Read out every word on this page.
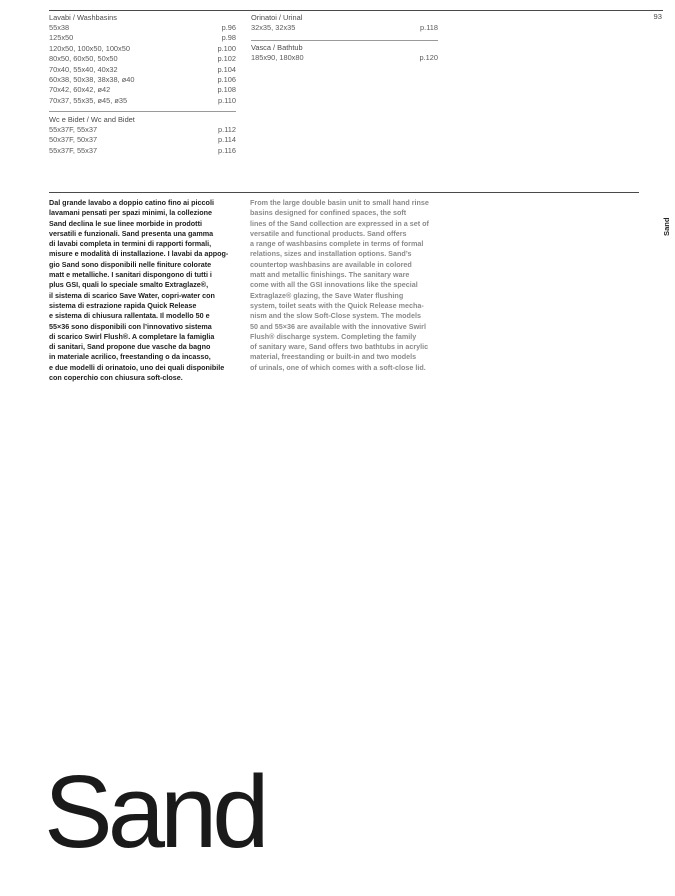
93
Lavabi / Washbasins
55x38	p.96
125x50	p.98
120x50, 100x50, 100x50	p.100
80x50, 60x50, 50x50	p.102
70x40, 55x40, 40x32	p.104
60x38, 50x38, 38x38, ø40	p.106
70x42, 60x42, ø42	p.108
70x37, 55x35, ø45, ø35	p.110
Wc e Bidet / Wc and Bidet
55x37F, 55x37	p.112
50x37F, 50x37	p.114
55x37F, 55x37	p.116
Orinatoi / Urinal
32x35, 32x35	p.118
Vasca / Bathtub
185x90, 180x80	p.120
Sand
Dal grande lavabo a doppio catino fino ai piccoli
lavamani pensati per spazi minimi, la collezione
Sand declina le sue linee morbide in prodotti
versatili e funzionali. Sand presenta una gamma
di lavabi completa in termini di rapporti formali,
misure e modalità di installazione. I lavabi da appog-
gio Sand sono disponibili nelle finiture colorate
matt e metalliche. I sanitari dispongono di tutti i
plus GSI, quali lo speciale smalto Extraglaze®,
il sistema di scarico Save Water, copri-water con
sistema di estrazione rapida Quick Release
e sistema di chiusura rallentata. Il modello 50 e
55×36 sono disponibili con l’innovativo sistema
di scarico Swirl Flush®. A completare la famiglia
di sanitari, Sand propone due vasche da bagno
in materiale acrilico, freestanding o da incasso,
e due modelli di orinatoio, uno dei quali disponibile
con coperchio con chiusura soft-close.
From the large double basin unit to small hand rinse
basins designed for confined spaces, the soft
lines of the Sand collection are expressed in a set of
versatile and functional products. Sand offers
a range of washbasins complete in terms of formal
relations, sizes and installation options. Sand’s
countertop washbasins are available in colored
matt and metallic finishings. The sanitary ware
come with all the GSI innovations like the special
Extraglaze® glazing, the Save Water flushing
system, toilet seats with the Quick Release mecha-
nism and the slow Soft-Close system. The models
50 and 55×36 are available with the innovative Swirl
Flush® discharge system. Completing the family
of sanitary ware, Sand offers two bathtubs in acrylic
material, freestanding or built-in and two models
of urinals, one of which comes with a soft-close lid.
Sand
